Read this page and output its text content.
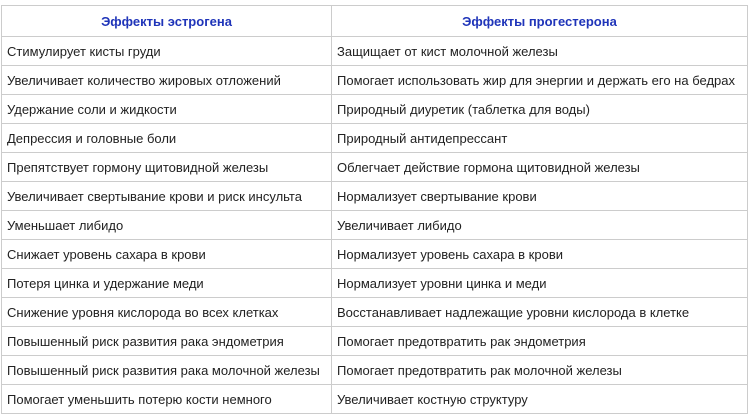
Эффекты эстрогена	Эффекты прогестерона
Стимулирует кисты груди	Защищает от кист молочной железы
Увеличивает количество жировых отложений	Помогает использовать жир для энергии и держать его на бедрах
Удержание соли и жидкости	Природный диуретик (таблетка для воды)
Депрессия и головные боли	Природный антидепрессант
Препятствует гормону щитовидной железы	Облегчает действие гормона щитовидной железы
Увеличивает свертывание крови и риск инсульта	Нормализует свертывание крови
Уменьшает либидо	Увеличивает либидо
Снижает уровень сахара в крови	Нормализует уровень сахара в крови
Потеря цинка и удержание меди	Нормализует уровни цинка и меди
Снижение уровня кислорода во всех клетках	Восстанавливает надлежащие уровни кислорода в клетке
Повышенный риск развития рака эндометрия	Помогает предотвратить рак эндометрия
Повышенный риск развития рака молочной железы	Помогает предотвратить рак молочной железы
Помогает уменьшить потерю кости немного	Увеличивает костную структуру
